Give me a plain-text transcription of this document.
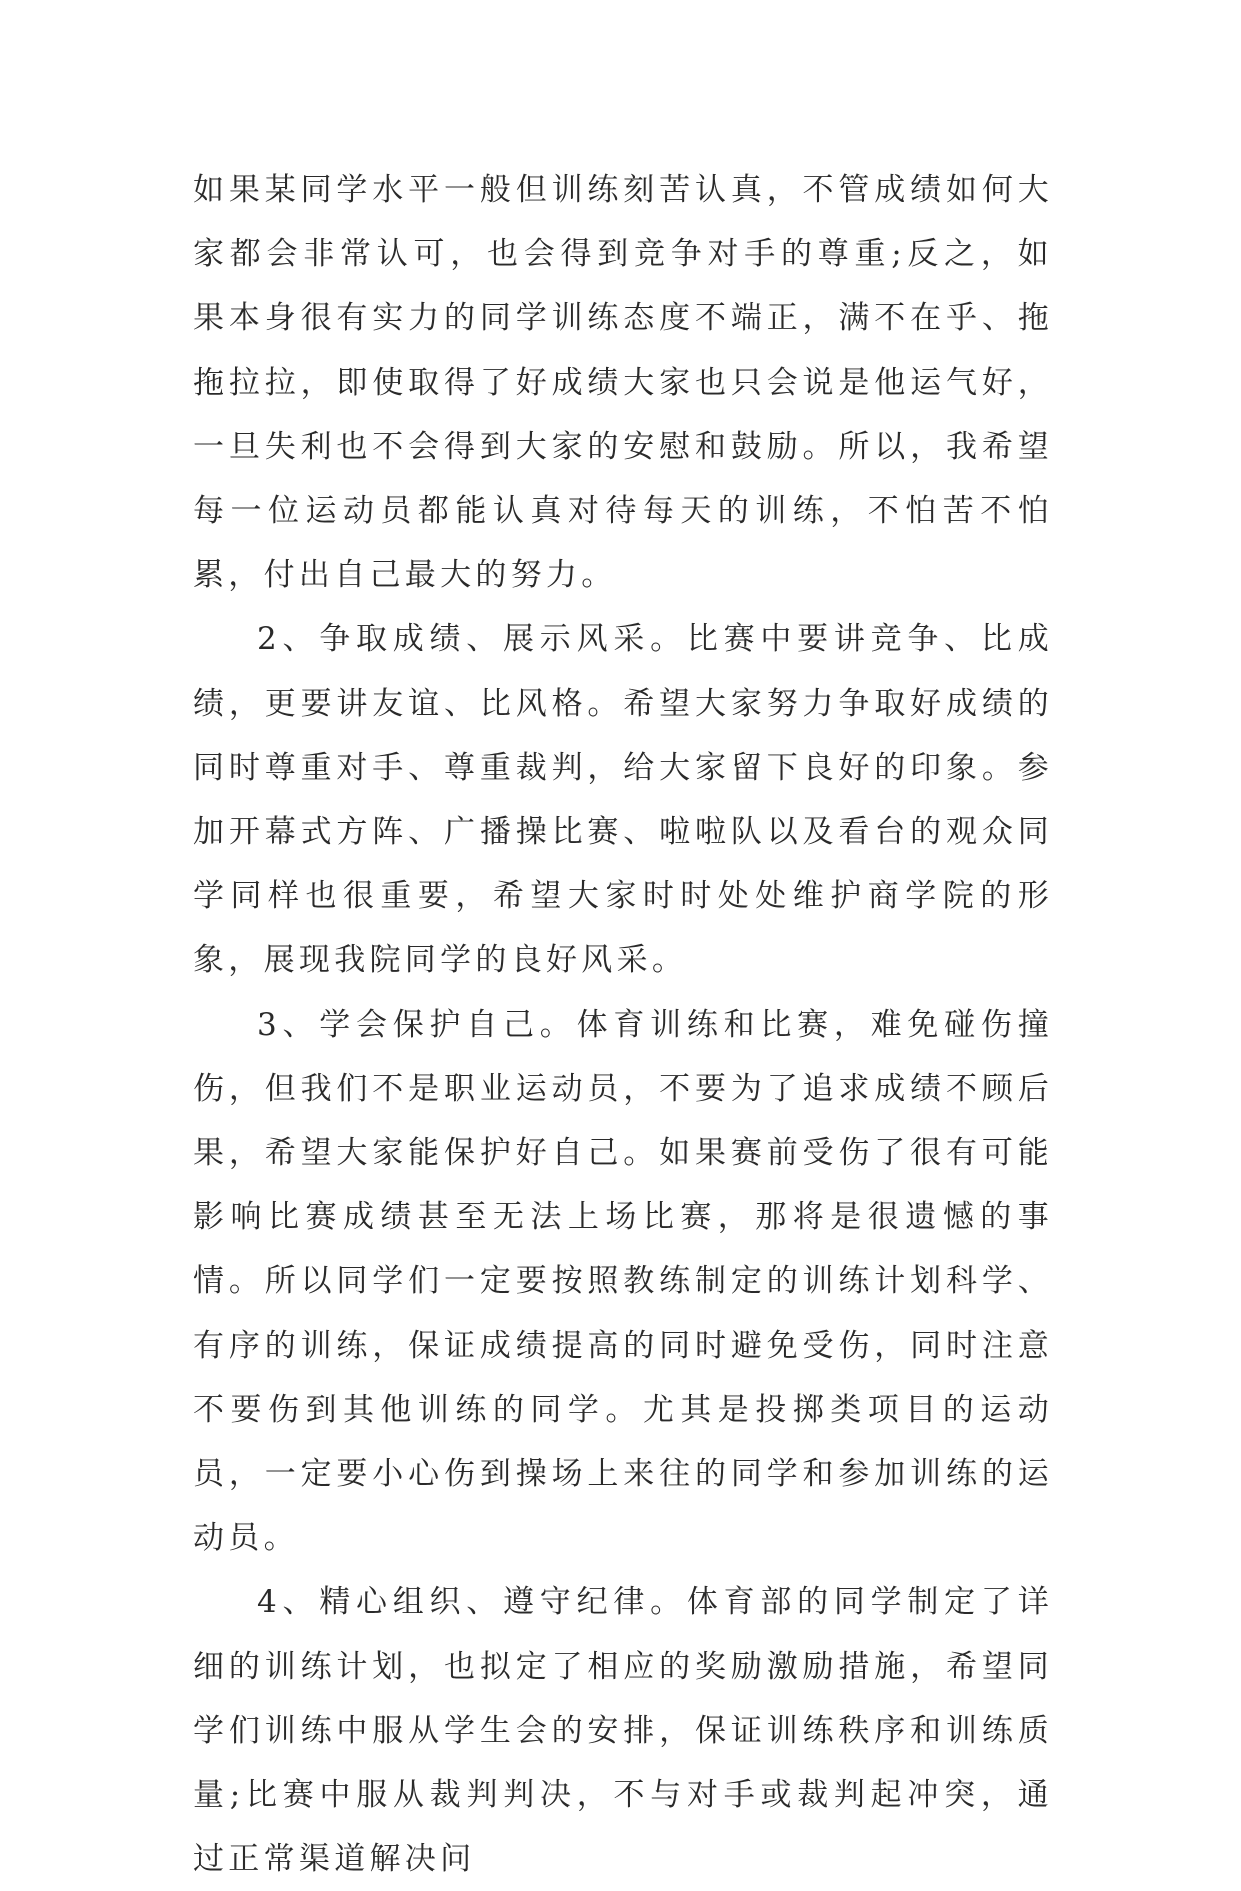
如果某同学水平一般但训练刻苦认真，不管成绩如何大家都会非常认可，也会得到竞争对手的尊重;反之，如果本身很有实力的同学训练态度不端正，满不在乎、拖拖拉拉，即使取得了好成绩大家也只会说是他运气好，一旦失利也不会得到大家的安慰和鼓励。所以，我希望每一位运动员都能认真对待每天的训练，不怕苦不怕累，付出自己最大的努力。

2、争取成绩、展示风采。比赛中要讲竞争、比成绩，更要讲友谊、比风格。希望大家努力争取好成绩的同时尊重对手、尊重裁判，给大家留下良好的印象。参加开幕式方阵、广播操比赛、啦啦队以及看台的观众同学同样也很重要，希望大家时时处处维护商学院的形象，展现我院同学的良好风采。

3、学会保护自己。体育训练和比赛，难免碰伤撞伤，但我们不是职业运动员，不要为了追求成绩不顾后果，希望大家能保护好自己。如果赛前受伤了很有可能影响比赛成绩甚至无法上场比赛，那将是很遗憾的事情。所以同学们一定要按照教练制定的训练计划科学、有序的训练，保证成绩提高的同时避免受伤，同时注意不要伤到其他训练的同学。尤其是投掷类项目的运动员，一定要小心伤到操场上来往的同学和参加训练的运动员。

4、精心组织、遵守纪律。体育部的同学制定了详细的训练计划，也拟定了相应的奖励激励措施，希望同学们训练中服从学生会的安排，保证训练秩序和训练质量;比赛中服从裁判判决，不与对手或裁判起冲突，通过正常渠道解决问
